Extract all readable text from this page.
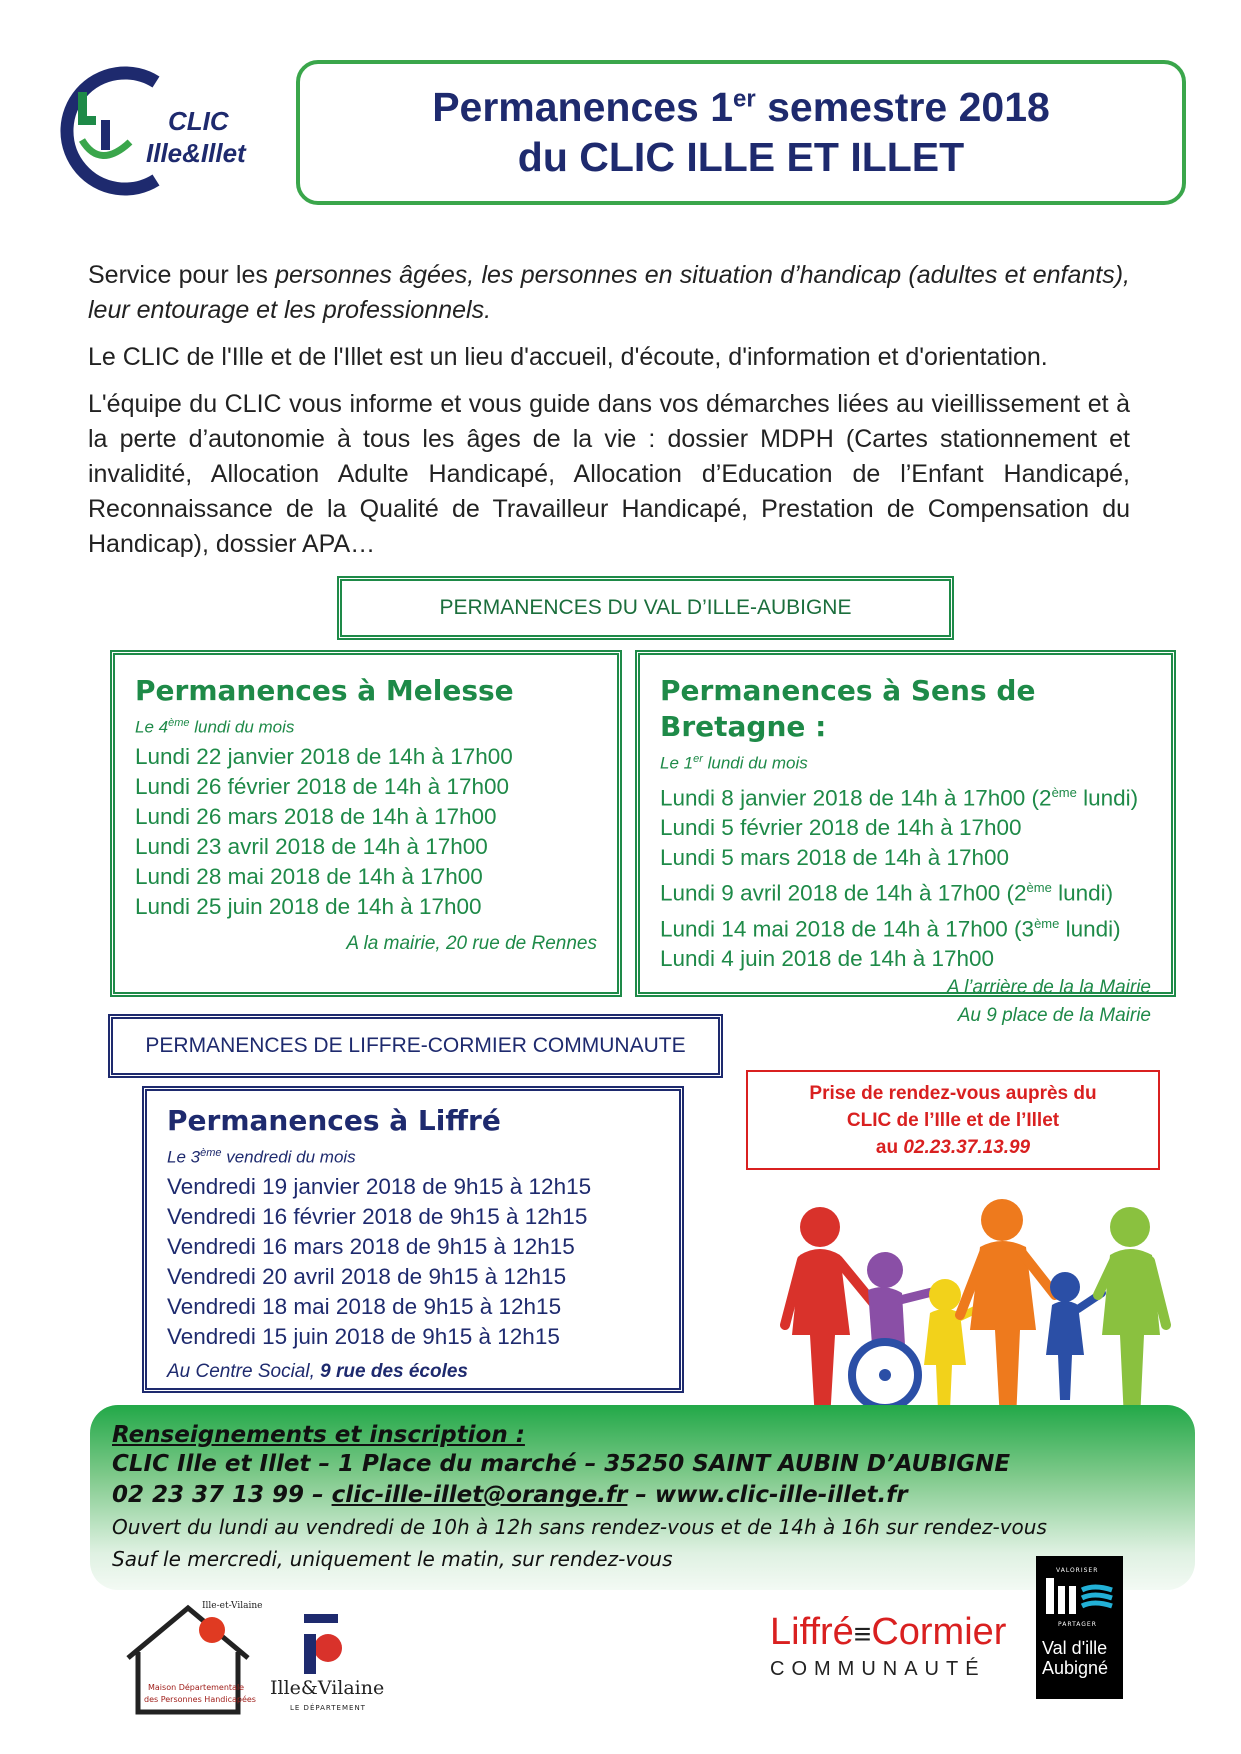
CLIC
Ille&Illet
Permanences 1er semestre 2018
du CLIC ILLE ET ILLET

Service pour les personnes âgées, les personnes en situation d’handicap (adultes et enfants), leur entourage et les professionnels.

Le CLIC de l'Ille et de l'Illet est un lieu d'accueil, d'écoute, d'information et d'orientation.

L'équipe du CLIC vous informe et vous guide dans vos démarches liées au vieillissement et à la perte d’autonomie à tous les âges de la vie : dossier MDPH (Cartes stationnement et invalidité, Allocation Adulte Handicapé, Allocation d’Education de l’Enfant Handicapé, Reconnaissance de la Qualité de Travailleur Handicapé, Prestation de Compensation du Handicap), dossier APA…

PERMANENCES DU VAL D’ILLE-AUBIGNE
Permanences à Melesse
Le 4ème lundi du mois
Lundi 22 janvier 2018 de 14h à 17h00
Lundi 26 février 2018 de 14h à 17h00
Lundi 26 mars 2018 de 14h à 17h00
Lundi 23 avril 2018 de 14h à 17h00
Lundi 28 mai 2018 de 14h à 17h00
Lundi 25 juin 2018 de 14h à 17h00
A la mairie, 20 rue de Rennes
Permanences à Sens de Bretagne :
Le 1er lundi du mois
Lundi 8 janvier 2018 de 14h à 17h00 (2ème lundi)
Lundi 5 février 2018 de 14h à 17h00
Lundi 5 mars 2018 de 14h à 17h00
Lundi 9 avril 2018 de 14h à 17h00 (2ème lundi)
Lundi 14 mai 2018 de 14h à 17h00 (3ème lundi)
Lundi 4 juin 2018 de 14h à 17h00
A l’arrière de la la Mairie
Au 9 place de la Mairie
PERMANENCES DE LIFFRE-CORMIER COMMUNAUTE
Permanences à Liffré
Le 3ème vendredi du mois
Vendredi 19 janvier 2018 de 9h15 à 12h15
Vendredi 16 février 2018 de 9h15 à 12h15
Vendredi 16 mars 2018 de 9h15 à 12h15
Vendredi 20 avril 2018 de 9h15 à 12h15
Vendredi 18 mai 2018 de 9h15 à 12h15
Vendredi 15 juin 2018 de 9h15 à 12h15
Au Centre Social, 9 rue des écoles
Prise de rendez-vous auprès du
CLIC de l’Ille et de l’Illet
au 02.23.37.13.99
Renseignements et inscription :
CLIC Ille et Illet – 1 Place du marché – 35250 SAINT AUBIN D’AUBIGNE
02 23 37 13 99 – clic-ille-illet@orange.fr – www.clic-ille-illet.fr
Ouvert du lundi au vendredi de 10h à 12h sans rendez-vous et de 14h à 16h sur rendez-vous
Sauf le mercredi, uniquement le matin, sur rendez-vous
Ille-et-Vilaine
Maison Départementale
des Personnes Handicapées
Ille&Vilaine
LE DÉPARTEMENT
Liffré≡Cormier
COMMUNAUTÉ
VALORISER
PARTAGER
Val d'ille
Aubigné
